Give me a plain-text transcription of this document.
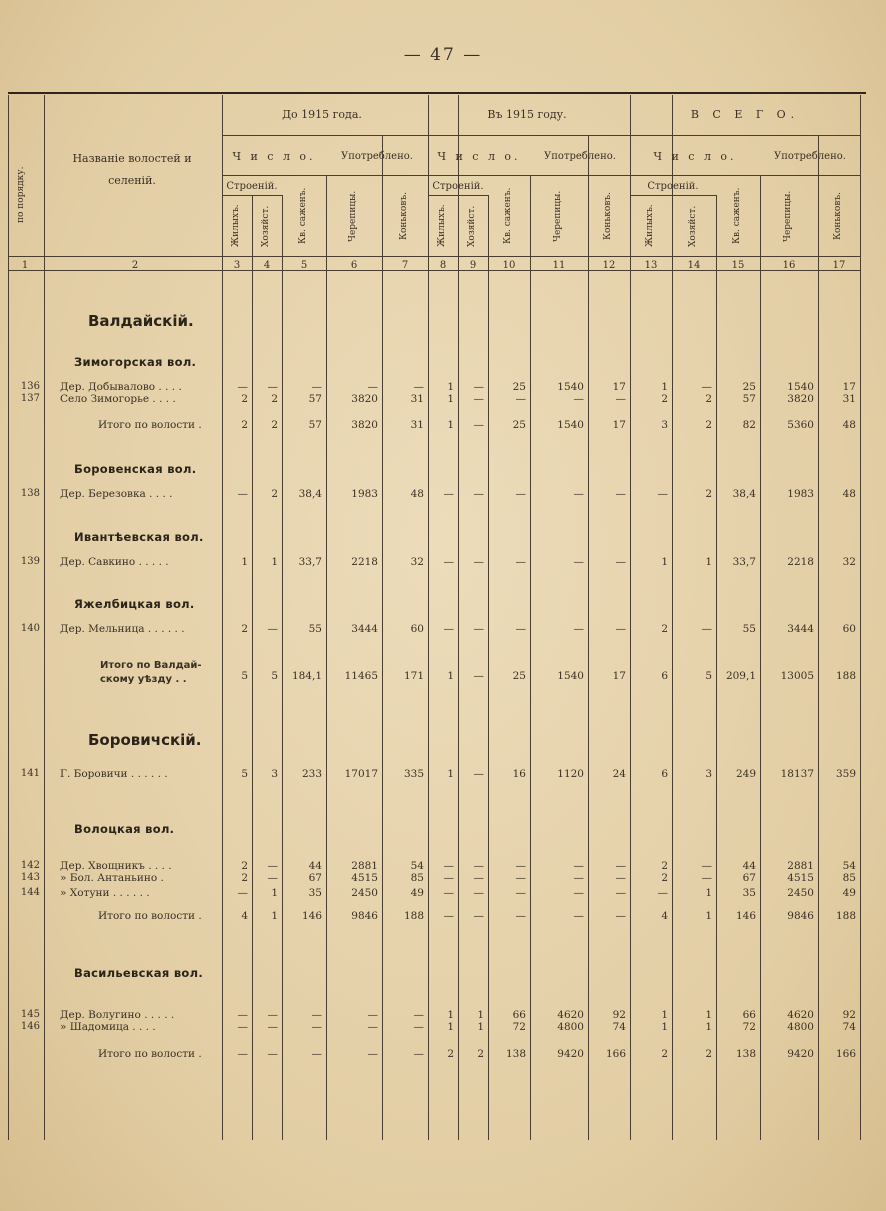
— 47 —
по порядку.
Названіе волостей и селеній.
До 1915 года.	Въ 1915 году.	В С Е Г О.
Ч и с л о.	Употреблено.
Строеній.
Жилыхъ. Хозяйст.	Кв. саженъ.	Черепицы.	Коньковъ.
Ч и с л о.	Употреблено.
Строеній.
Жилыхъ. Хозяйст.	Кв. саженъ.	Черепицы.	Коньковъ.
Ч и с л о.	Употреблено.
Строеній.
Жилыхъ.	Хозяйст.	Кв. саженъ.	Черепицы.	Коньковъ.
1	2	3	4	5	6	7	8	9	10	11	12	13	14	15	16	17
Валдайскій.
Зимогорская вол.
136 Дер. Добываловo . . . .	—	—	—	—	—	1	—	25	1540	17	1	—	25	1540	17
137 Село Зимогорье . . . .	2	2	57	3820	31	1	—	—	—	—	2	2	57	3820	31
Итого по волости .	2	2	57	3820	31	1	—	25	1540	17	3	2	82	5360	48
Боровенская вол.
138 Дер. Березовка . . . .	—	2	38,4	1983	48	—	—	—	—	—	—	2	38,4	1983	48
Ивантѣевская вол.
139 Дер. Савкино . . . . .	1	1	33,7	2218	32	—	—	—	—	—	1	1	33,7	2218	32
Яжелбицкая вол.
140 Дер. Мельница . . . . . .	2	—	55	3444	60	—	—	—	—	—	2	—	55	3444	60
Итого по Валдай-
скому уѣзду . .	5	5	184,1	11465	171	1	—	25	1540	17	6	5	209,1	13005	188
Боровичскій.
141 Г. Боровичи . . . . . .	5	3	233	17017	335	1	—	16	1120	24	6	3	249	18137	359
Волоцкая вол.
142 Дер. Хвощникъ . . . .	2	—	44	2881	54	—	—	—	—	—	2	—	44	2881	54
143 » Бол. Антаньино .	2	—	67	4515	85	—	—	—	—	—	2	—	67	4515	85
144 » Хотуни . . . . . .	—	1	35	2450	49	—	—	—	—	—	—	1	35	2450	49
Итого по волости .	4	1	146	9846	188	—	—	—	—	—	4	1	146	9846	188
Васильевская вол.
145 Дер. Волугино . . . . .	—	—	—	—	—	1	1	66	4620	92	1	1	66	4620	92
146 » Шадомица . . . .	—	—	—	—	—	1	1	72	4800	74	1	1	72	4800	74
Итого по волости .	—	—	—	—	—	2	2	138	9420	166	2	2	138	9420	166
